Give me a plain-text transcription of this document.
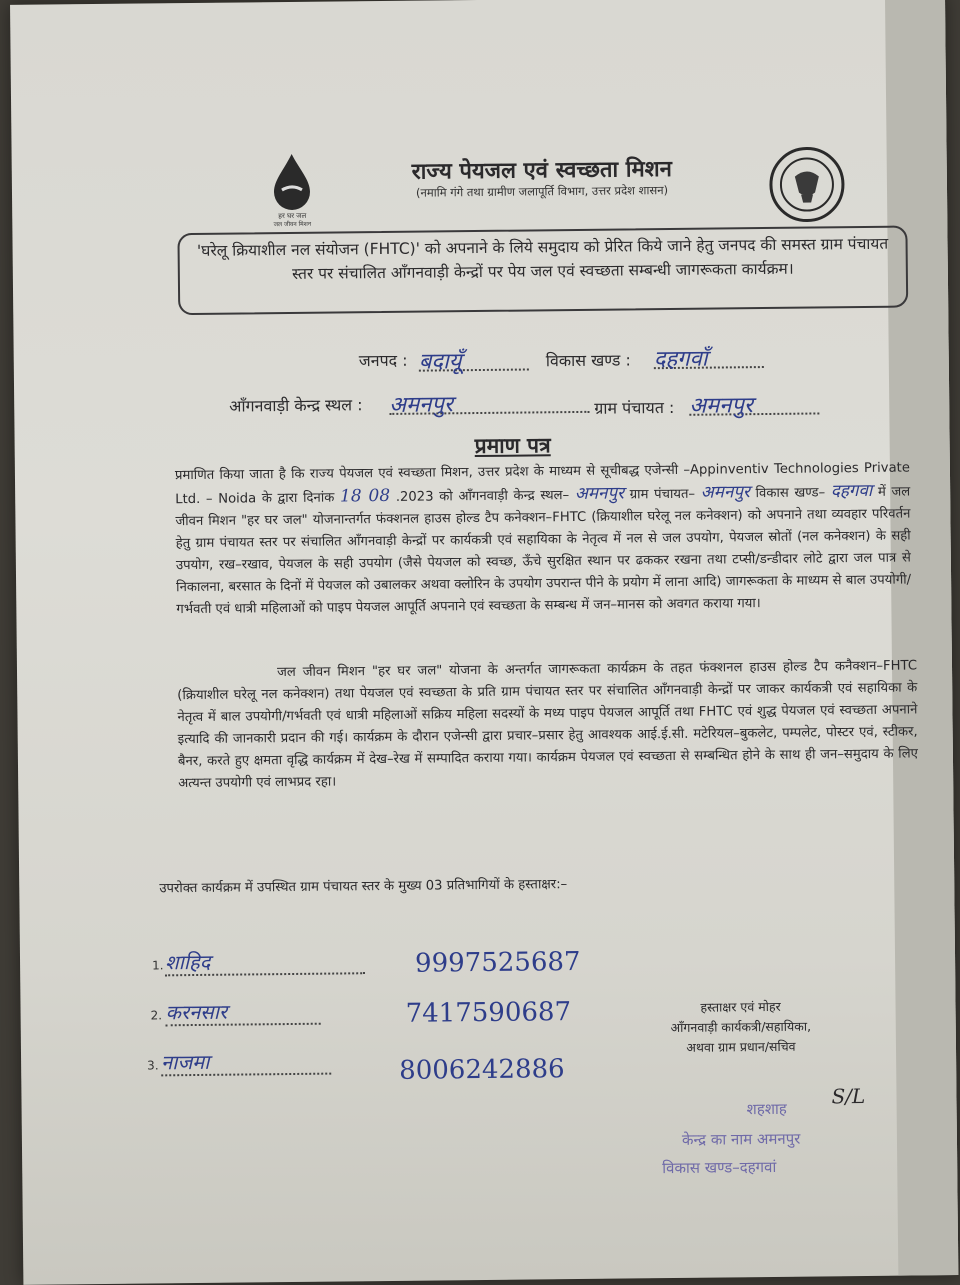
हर घर जल
जल जीवन मिशन
राज्य पेयजल एवं स्वच्छता मिशन
(नमामि गंगे तथा ग्रामीण जलापूर्ति विभाग, उत्तर प्रदेश शासन)
'घरेलू क्रियाशील नल संयोजन (FHTC)' को अपनाने के लिये समुदाय को प्रेरित किये जाने हेतु जनपद की समस्त ग्राम पंचायत स्तर पर संचालित आँगनवाड़ी केन्द्रों पर पेय जल एवं स्वच्छता सम्बन्धी जागरूकता कार्यक्रम।
जनपद : बदायूँ	विकास खण्ड : दहगवाँ
आँगनवाड़ी केन्द्र स्थल : अमनपुर	ग्राम पंचायत : अमनपुर
प्रमाण पत्र
प्रमाणित किया जाता है कि राज्य पेयजल एवं स्वच्छता मिशन, उत्तर प्रदेश के माध्यम से सूचीबद्ध एजेन्सी –Appinventiv Technologies Private Ltd. – Noida के द्वारा दिनांक 18 08 .2023 को आँगनवाड़ी केन्द्र स्थल– अमनपुर ग्राम पंचायत– अमनपुर विकास खण्ड– दहगवा में जल जीवन मिशन "हर घर जल" योजनान्तर्गत फंक्शनल हाउस होल्ड टैप कनेक्शन–FHTC (क्रियाशील घरेलू नल कनेक्शन) को अपनाने तथा व्यवहार परिवर्तन हेतु ग्राम पंचायत स्तर पर संचालित आँगनवाड़ी केन्द्रों पर कार्यकत्री एवं सहायिका के नेतृत्व में नल से जल उपयोग, पेयजल स्रोतों (नल कनेक्शन) के सही उपयोग, रख–रखाव, पेयजल के सही उपयोग (जैसे पेयजल को स्वच्छ, ऊँचे सुरक्षित स्थान पर ढककर रखना तथा टप्सी/डन्डीदार लोटे द्वारा जल पात्र से निकालना, बरसात के दिनों में पेयजल को उबालकर अथवा क्लोरिन के उपयोग उपरान्त पीने के प्रयोग में लाना आदि) जागरूकता के माध्यम से बाल उपयोगी/गर्भवती एवं धात्री महिलाओं को पाइप पेयजल आपूर्ति अपनाने एवं स्वच्छता के सम्बन्ध में जन–मानस को अवगत कराया गया।
जल जीवन मिशन "हर घर जल" योजना के अन्तर्गत जागरूकता कार्यक्रम के तहत फंक्शनल हाउस होल्ड टैप कनैक्शन–FHTC (क्रियाशील घरेलू नल कनेक्शन) तथा पेयजल एवं स्वच्छता के प्रति ग्राम पंचायत स्तर पर संचालित आँगनवाड़ी केन्द्रों पर जाकर कार्यकत्री एवं सहायिका के नेतृत्व में बाल उपयोगी/गर्भवती एवं धात्री महिलाओं सक्रिय महिला सदस्यों के मध्य पाइप पेयजल आपूर्ति तथा FHTC एवं शुद्ध पेयजल एवं स्वच्छता अपनाने इत्यादि की जानकारी प्रदान की गई। कार्यक्रम के दौरान एजेन्सी द्वारा प्रचार–प्रसार हेतु आवश्यक आई.ई.सी. मटेरियल–बुकलेट, पम्पलेट, पोस्टर एवं, स्टीकर, बैनर, करते हुए क्षमता वृद्धि कार्यक्रम में देख–रेख में सम्पादित कराया गया। कार्यक्रम पेयजल एवं स्वच्छता से सम्बन्धित होने के साथ ही जन–समुदाय के लिए अत्यन्त उपयोगी एवं लाभप्रद रहा।
उपरोक्त कार्यक्रम में उपस्थित ग्राम पंचायत स्तर के मुख्य 03 प्रतिभागियों के हस्ताक्षर:–
1. शाहिद	9997525687
2. करनसार	7417590687
3. नाजमा	8006242886
हस्ताक्षर एवं मोहर
आँगनवाड़ी कार्यकत्री/सहायिका,
अथवा ग्राम प्रधान/सचिव
शहशाह
S/L
केन्द्र का नाम अमनपुर
विकास खण्ड–दहगवां
